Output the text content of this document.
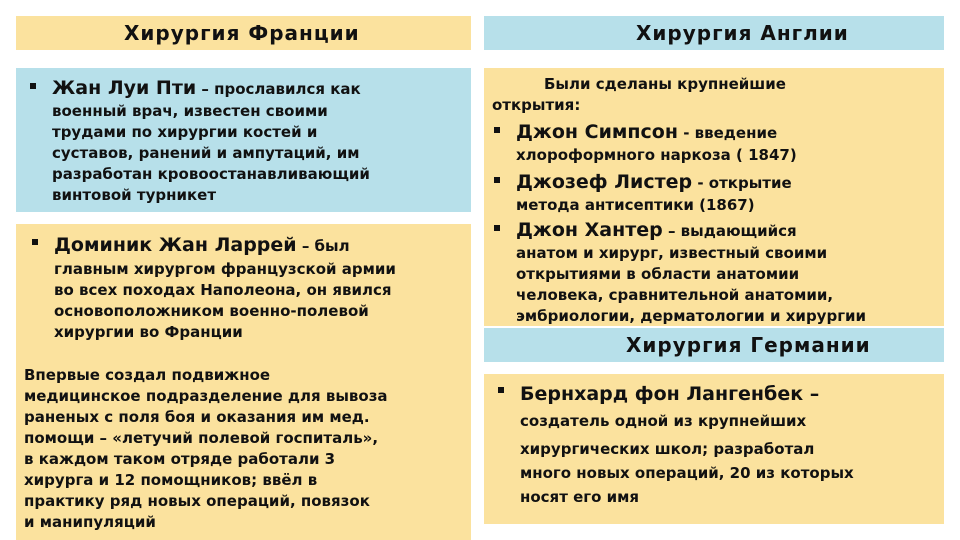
Хирургия Франции	Хирургия Англии
Жан Луи Пти – прославился как
военный врач, известен своими
трудами по хирургии костей и
суставов, ранений и ампутаций, им
разработан кровоостанавливающий
винтовой турникет
Доминик Жан Ларрей – был
главным хирургом французской армии
во всех походах Наполеона, он явился
основоположником военно-полевой
хирургии во Франции
Впервые создал подвижное
медицинское подразделение для вывоза
раненых с поля боя и оказания им мед.
помощи – «летучий полевой госпиталь»,
в каждом таком отряде работали 3
хирурга и 12 помощников; ввёл в
практику ряд новых операций, повязок
и манипуляций
Были сделаны крупнейшие
открытия:
Джон Симпсон - введение
хлороформного наркоза ( 1847)
Джозеф Листер - открытие
метода антисептики (1867)
Джон Хантер – выдающийся
анатом и хирург, известный своими
открытиями в области анатомии
человека, сравнительной анатомии,
эмбриологии, дерматологии и хирургии
Хирургия Германии
Бернхард фон Лангенбек –
создатель одной из крупнейших
хирургических школ; разработал
много новых операций, 20 из которых
носят его имя
